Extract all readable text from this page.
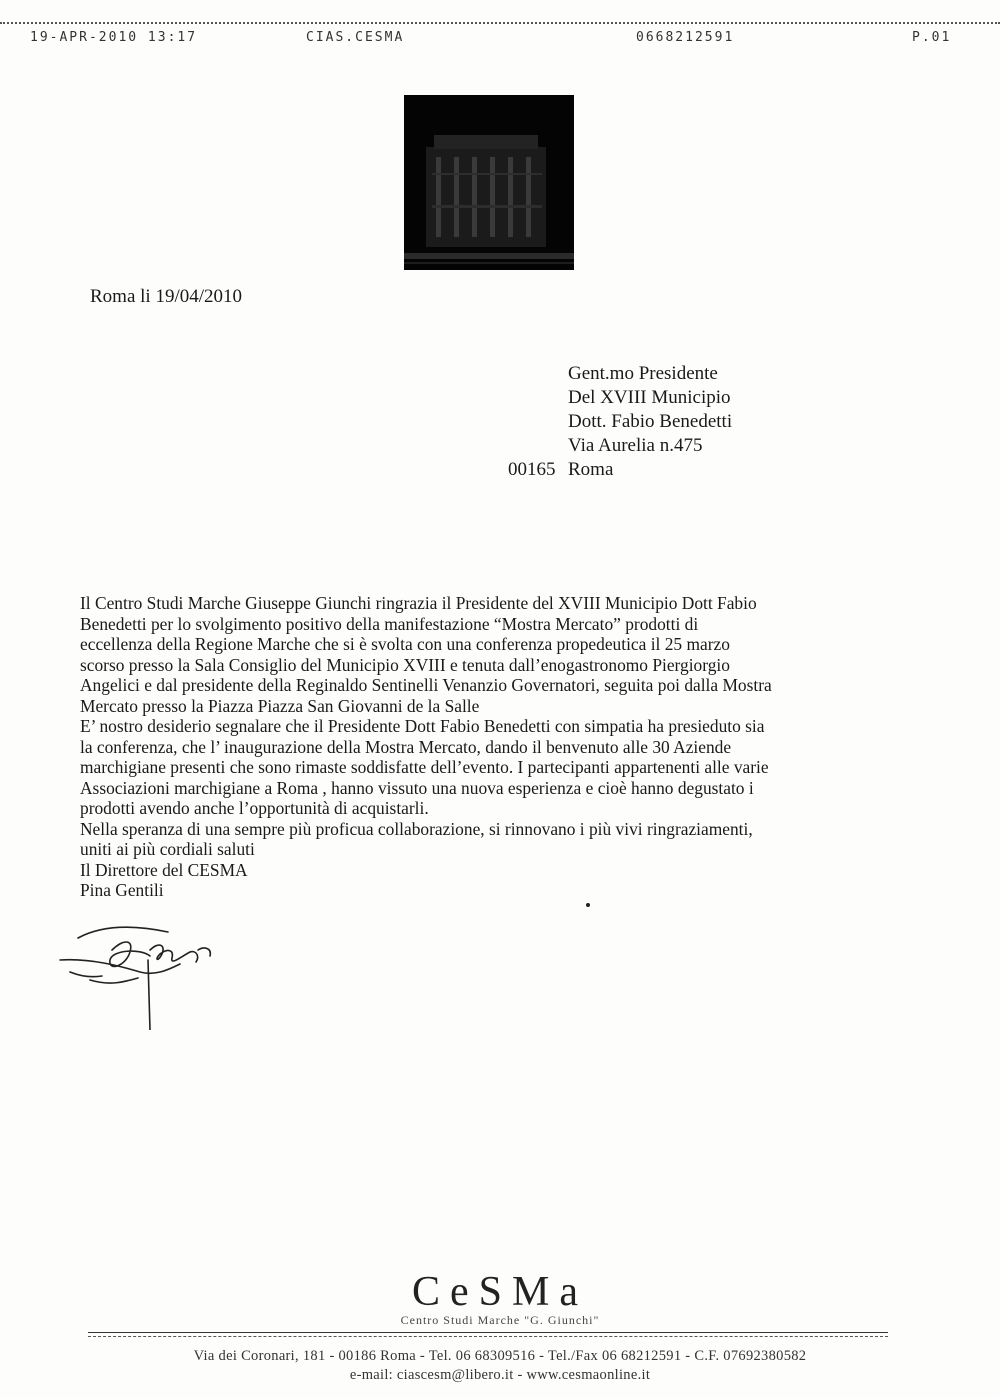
19-APR-2010 13:17	CIAS.CESMA	0668212591	P.01
Roma li 19/04/2010
Gent.mo Presidente
Del XVIII Municipio
Dott. Fabio Benedetti
Via Aurelia n.475
00165 Roma
Il Centro Studi Marche Giuseppe Giunchi ringrazia il Presidente del XVIII Municipio Dott Fabio
Benedetti per lo svolgimento positivo della manifestazione “Mostra Mercato” prodotti di
eccellenza della Regione Marche che si è svolta con una conferenza propedeutica il 25 marzo
scorso presso la Sala Consiglio del Municipio XVIII e tenuta dall’enogastronomo Piergiorgio
Angelici e dal presidente della Reginaldo Sentinelli Venanzio Governatori, seguita poi dalla Mostra
Mercato presso la Piazza Piazza San Giovanni de la Salle
E’ nostro desiderio segnalare che il Presidente Dott Fabio Benedetti con simpatia ha presieduto sia
la conferenza, che l’ inaugurazione della Mostra Mercato, dando il benvenuto alle 30 Aziende
marchigiane presenti che sono rimaste soddisfatte dell’evento. I partecipanti appartenenti alle varie
Associazioni marchigiane a Roma , hanno vissuto una nuova esperienza e cioè hanno degustato i
prodotti avendo anche l’opportunità di acquistarli.
Nella speranza di una sempre più proficua collaborazione, si rinnovano i più vivi ringraziamenti,
uniti ai più cordiali saluti
Il Direttore del CESMA
Pina Gentili
CeSMa
Centro Studi Marche "G. Giunchi"
Via dei Coronari, 181 - 00186 Roma - Tel. 06 68309516 - Tel./Fax 06 68212591 - C.F. 07692380582
e-mail: ciascesm@libero.it - www.cesmaonline.it
